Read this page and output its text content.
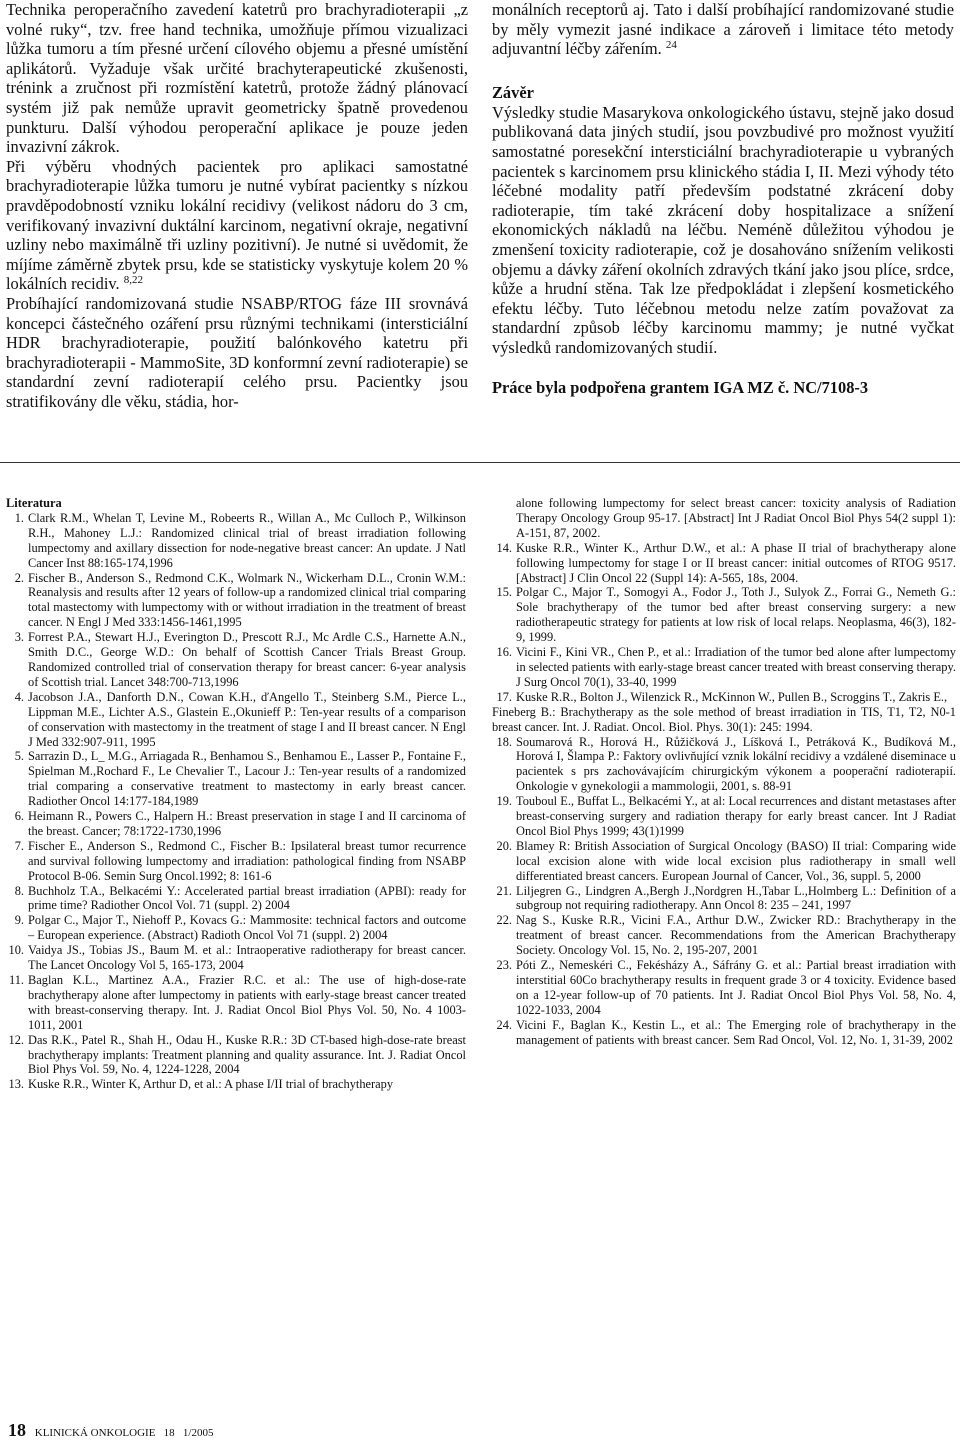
Technika peroperačního zavedení katetrů pro brachyradioterapii „z volné ruky“, tzv. free hand technika, umožňuje přímou vizualizaci lůžka tumoru a tím přesné určení cílového objemu a přesné umístění aplikátorů. Vyžaduje však určité brachyterapeutické zkušenosti, trénink a zručnost při rozmístění katetrů, protože žádný plánovací systém již pak nemůže upravit geometricky špatně provedenou punkturu. Další výhodou peroperační aplikace je pouze jeden invazivní zákrok.

Při výběru vhodných pacientek pro aplikaci samostatné brachyradioterapie lůžka tumoru je nutné vybírat pacientky s nízkou pravděpodobností vzniku lokální recidivy (velikost nádoru do 3 cm, verifikovaný invazivní duktální karcinom, negativní okraje, negativní uzliny nebo maximálně tři uzliny pozitivní). Je nutné si uvědomit, že míjíme záměrně zbytek prsu, kde se statisticky vyskytuje kolem 20 % lokálních recidiv. $^{8,22}$

Probíhající randomizovaná studie NSABP/RTOG fáze III srovnává koncepci částečného ozáření prsu různými technikami (intersticiální HDR brachyradioterapie, použití balónkového katetru při brachyradioterapii - MammoSite, 3D konformní zevní radioterapie) se standardní zevní radioterapií celého prsu. Pacientky jsou stratifikovány dle věku, stádia, hor-

monálních receptorů aj. Tato i další probíhající randomizované studie by měly vymezit jasné indikace a zároveň i limitace této metody adjuvantní léčby zářením. $^{24}$

Závěr

Výsledky studie Masarykova onkologického ústavu, stejně jako dosud publikovaná data jiných studií, jsou povzbudivé pro možnost využití samostatné poresekční intersticiální brachyradioterapie u vybraných pacientek s karcinomem prsu klinického stádia I, II. Mezi výhody této léčebné modality patří především podstatné zkrácení doby radioterapie, tím také zkrácení doby hospitalizace a snížení ekonomických nákladů na léčbu. Neméně důležitou výhodou je zmenšení toxicity radioterapie, což je dosahováno snížením velikosti objemu a dávky záření okolních zdravých tkání jako jsou plíce, srdce, kůže a hrudní stěna. Tak lze předpokládat i zlepšení kosmetického efektu léčby. Tuto léčebnou metodu nelze zatím považovat za standardní způsob léčby karcinomu mammy; je nutné vyčkat výsledků randomizovaných studií.

Práce byla podpořena grantem IGA MZ č. NC/7108-3

Literatura

1. Clark R.M., Whelan T, Levine M., Robeerts R., Willan A., Mc Culloch P., Wilkinson R.H., Mahoney L.J.: Randomized clinical trial of breast irradiation following lumpectomy and axillary dissection for node-negative breast cancer: An update. J Natl Cancer Inst 88:165-174,1996

2. Fischer B., Anderson S., Redmond C.K., Wolmark N., Wickerham D.L., Cronin W.M.: Reanalysis and results after 12 years of follow-up a randomized clinical trial comparing total mastectomy with lumpectomy with or without irradiation in the treatment of breast cancer. N Engl J Med 333:1456-1461,1995

3. Forrest P.A., Stewart H.J., Everington D., Prescott R.J., Mc Ardle C.S., Harnette A.N., Smith D.C., George W.D.: On behalf of Scottish Cancer Trials Breast Group. Randomized controlled trial of conservation therapy for breast cancer: 6-year analysis of Scottish trial. Lancet 348:700-713,1996

4. Jacobson J.A., Danforth D.N., Cowan K.H., ďAngello T., Steinberg S.M., Pierce L., Lippman M.E., Lichter A.S., Glastein E.,Okunieff P.: Ten-year results of a comparison of conservation with mastectomy in the treatment of stage I and II breast cancer. N Engl J Med 332:907-911, 1995

5. Sarrazin D., L_ M.G., Arriagada R., Benhamou S., Benhamou E., Lasser P., Fontaine F., Spielman M.,Rochard F., Le Chevalier T., Lacour J.: Ten-year results of a randomized trial comparing a conservative treatment to mastectomy in early breast cancer. Radiother Oncol 14:177-184,1989

6. Heimann R., Powers C., Halpern H.: Breast preservation in stage I and II carcinoma of the breast. Cancer; 78:1722-1730,1996

7. Fischer E., Anderson S., Redmond C., Fischer B.: Ipsilateral breast tumor recurrence and survival following lumpectomy and irradiation: pathological finding from NSABP Protocol B-06. Semin Surg Oncol.1992; 8: 161-6

8. Buchholz T.A., Belkacémi Y.: Accelerated partial breast irradiation (APBI): ready for prime time? Radiother Oncol Vol. 71 (suppl. 2) 2004

9. Polgar C., Major T., Niehoff P., Kovacs G.: Mammosite: technical factors and outcome – European experience. (Abstract) Radioth Oncol Vol 71 (suppl. 2) 2004

10. Vaidya JS., Tobias JS., Baum M. et al.: Intraoperative radiotherapy for breast cancer. The Lancet Oncology Vol 5, 165-173, 2004

11. Baglan K.L., Martinez A.A., Frazier R.C. et al.: The use of high-dose-rate brachytherapy alone after lumpectomy in patients with early-stage breast cancer treated with breast-conserving therapy. Int. J. Radiat Oncol Biol Phys Vol. 50, No. 4 1003-1011, 2001

12. Das R.K., Patel R., Shah H., Odau H., Kuske R.R.: 3D CT-based high-dose-rate breast brachytherapy implants: Treatment planning and quality assurance. Int. J. Radiat Oncol Biol Phys Vol. 59, No. 4, 1224-1228, 2004

13. Kuske R.R., Winter K, Arthur D, et al.: A phase I/II trial of brachytherapy

alone following lumpectomy for select breast cancer: toxicity analysis of Radiation Therapy Oncology Group 95-17. [Abstract] Int J Radiat Oncol Biol Phys 54(2 suppl 1): A-151, 87, 2002.

14. Kuske R.R., Winter K., Arthur D.W., et al.: A phase II trial of brachytherapy alone following lumpectomy for stage I or II breast cancer: initial outcomes of RTOG 9517. [Abstract] J Clin Oncol 22 (Suppl 14): A-565, 18s, 2004.

15. Polgar C., Major T., Somogyi A., Fodor J., Toth J., Sulyok Z., Forrai G., Nemeth G.: Sole brachytherapy of the tumor bed after breast conserving surgery: a new radiotherapeutic strategy for patients at low risk of local relaps. Neoplasma, 46(3), 182-9, 1999.

16. Vicini F., Kini VR., Chen P., et al.: Irradiation of the tumor bed alone after lumpectomy in selected patients with early-stage breast cancer treated with breast conserving therapy. J Surg Oncol 70(1), 33-40, 1999

17. Kuske R.R., Bolton J., Wilenzick R., McKinnon W., Pullen B., Scroggins T., Zakris E.,

Fineberg B.: Brachytherapy as the sole method of breast irradiation in TIS, T1, T2, N0-1 breast cancer. Int. J. Radiat. Oncol. Biol. Phys. 30(1): 245: 1994.

18. Soumarová R., Horová H., Růžičková J., Líšková I., Petráková K., Budíková M., Horová I, Šlampa P.: Faktory ovlivňující vznik lokální recidivy a vzdálené diseminace u pacientek s prs zachovávajícím chirurgickým výkonem a pooperační radioterapií. Onkologie v gynekologii a mammologii, 2001, s. 88-91

19. Touboul E., Buffat L., Belkacémi Y., at al: Local recurrences and distant metastases after breast-conserving surgery and radiation therapy for early breast cancer. Int J Radiat Oncol Biol Phys 1999; 43(1)1999

20. Blamey R: British Association of Surgical Oncology (BASO) II trial: Comparing wide local excision alone with wide local excision plus radiotherapy in small well differentiated breast cancers. European Journal of Cancer, Vol., 36, suppl. 5, 2000

21. Liljegren G., Lindgren A.,Bergh J.,Nordgren H.,Tabar L.,Holmberg L.: Definition of a subgroup not requiring radiotherapy. Ann Oncol 8: 235 – 241, 1997

22. Nag S., Kuske R.R., Vicini F.A., Arthur D.W., Zwicker RD.: Brachytherapy in the treatment of breast cancer. Recommendations from the American Brachytherapy Society. Oncology Vol. 15, No. 2, 195-207, 2001

23. Póti Z., Nemeskéri C., Fekésházy A., Sáfrány G. et al.: Partial breast irradiation with interstitial 60Co brachytherapy results in frequent grade 3 or 4 toxicity. Evidence based on a 12-year follow-up of 70 patients. Int J. Radiat Oncol Biol Phys Vol. 58, No. 4, 1022-1033, 2004

24. Vicini F., Baglan K., Kestin L., et al.: The Emerging role of brachytherapy in the management of patients with breast cancer. Sem Rad Oncol, Vol. 12, No. 1, 31-39, 2002

18 KLINICKÁ ONKOLOGIE   18   1/2005
